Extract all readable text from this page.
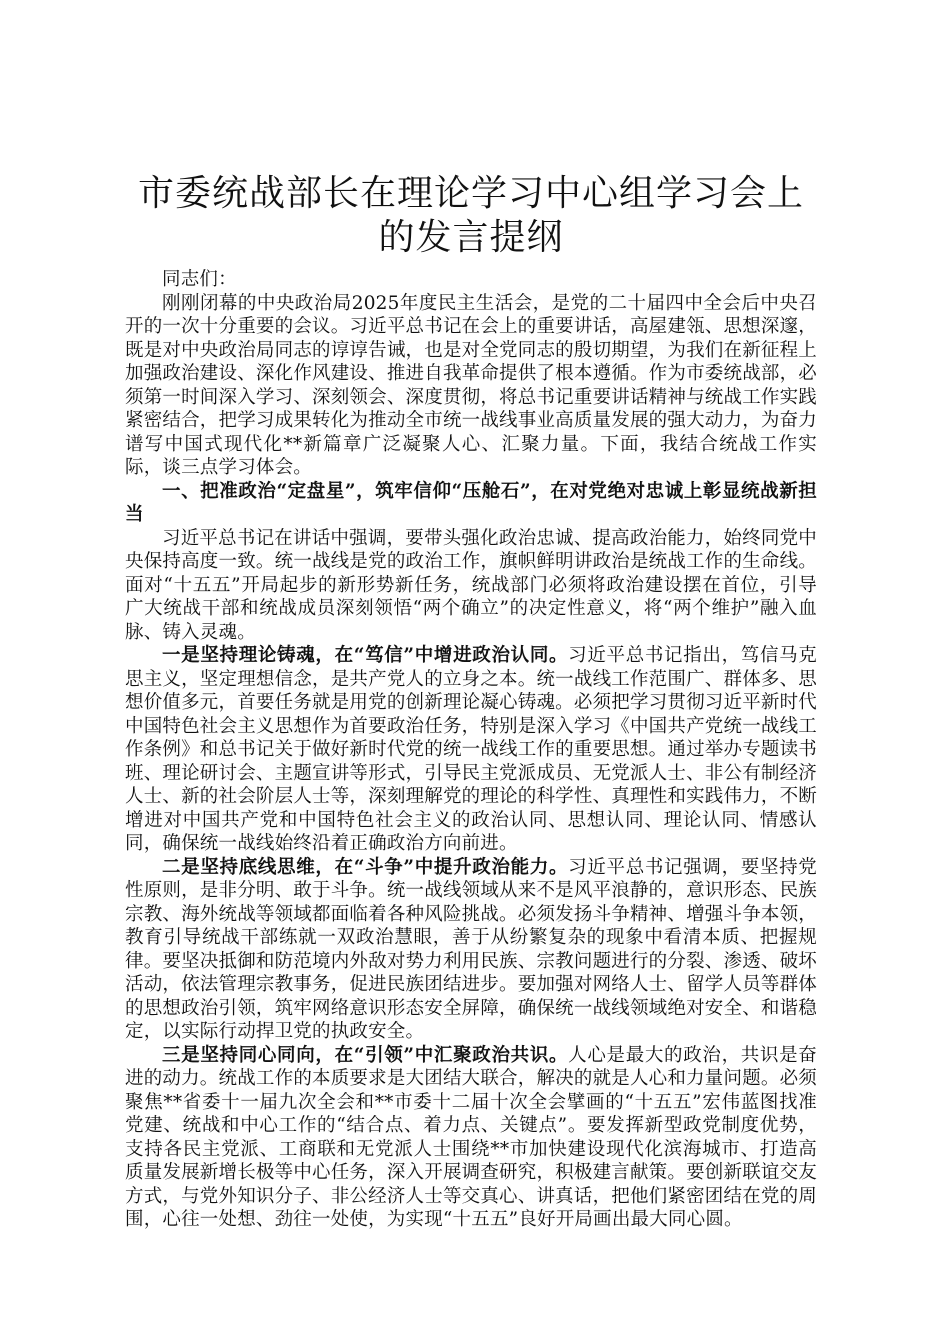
市委统战部长在理论学习中心组学习会上的发言提纲

同志们：

刚刚闭幕的中央政治局2025年度民主生活会，是党的二十届四中全会后中央召开的一次十分重要的会议。习近平总书记在会上的重要讲话，高屋建瓴、思想深邃，既是对中央政治局同志的谆谆告诫，也是对全党同志的殷切期望，为我们在新征程上加强政治建设、深化作风建设、推进自我革命提供了根本遵循。作为市委统战部，必须第一时间深入学习、深刻领会、深度贯彻，将总书记重要讲话精神与统战工作实践紧密结合，把学习成果转化为推动全市统一战线事业高质量发展的强大动力，为奋力谱写中国式现代化**新篇章广泛凝聚人心、汇聚力量。下面，我结合统战工作实际，谈三点学习体会。

一、把准政治“定盘星”，筑牢信仰“压舱石”，在对党绝对忠诚上彰显统战新担当

习近平总书记在讲话中强调，要带头强化政治忠诚、提高政治能力，始终同党中央保持高度一致。统一战线是党的政治工作，旗帜鲜明讲政治是统战工作的生命线。面对“十五五”开局起步的新形势新任务，统战部门必须将政治建设摆在首位，引导广大统战干部和统战成员深刻领悟“两个确立”的决定性意义，将“两个维护”融入血脉、铸入灵魂。

一是坚持理论铸魂，在“笃信”中增进政治认同。习近平总书记指出，笃信马克思主义，坚定理想信念，是共产党人的立身之本。统一战线工作范围广、群体多、思想价值多元，首要任务就是用党的创新理论凝心铸魂。必须把学习贯彻习近平新时代中国特色社会主义思想作为首要政治任务，特别是深入学习《中国共产党统一战线工作条例》和总书记关于做好新时代党的统一战线工作的重要思想。通过举办专题读书班、理论研讨会、主题宣讲等形式，引导民主党派成员、无党派人士、非公有制经济人士、新的社会阶层人士等，深刻理解党的理论的科学性、真理性和实践伟力，不断增进对中国共产党和中国特色社会主义的政治认同、思想认同、理论认同、情感认同，确保统一战线始终沿着正确政治方向前进。

二是坚持底线思维，在“斗争”中提升政治能力。习近平总书记强调，要坚持党性原则，是非分明、敢于斗争。统一战线领域从来不是风平浪静的，意识形态、民族宗教、海外统战等领域都面临着各种风险挑战。必须发扬斗争精神、增强斗争本领，教育引导统战干部练就一双政治慧眼，善于从纷繁复杂的现象中看清本质、把握规律。要坚决抵御和防范境内外敌对势力利用民族、宗教问题进行的分裂、渗透、破坏活动，依法管理宗教事务，促进民族团结进步。要加强对网络人士、留学人员等群体的思想政治引领，筑牢网络意识形态安全屏障，确保统一战线领域绝对安全、和谐稳定，以实际行动捍卫党的执政安全。

三是坚持同心同向，在“引领”中汇聚政治共识。人心是最大的政治，共识是奋进的动力。统战工作的本质要求是大团结大联合，解决的就是人心和力量问题。必须聚焦**省委十一届九次全会和**市委十二届十次全会擘画的“十五五”宏伟蓝图找准党建、统战和中心工作的“结合点、着力点、关键点”。要发挥新型政党制度优势，支持各民主党派、工商联和无党派人士围绕**市加快建设现代化滨海城市、打造高质量发展新增长极等中心任务，深入开展调查研究，积极建言献策。要创新联谊交友方式，与党外知识分子、非公经济人士等交真心、讲真话，把他们紧密团结在党的周围，心往一处想、劲往一处使，为实现“十五五”良好开局画出最大同心圆。
